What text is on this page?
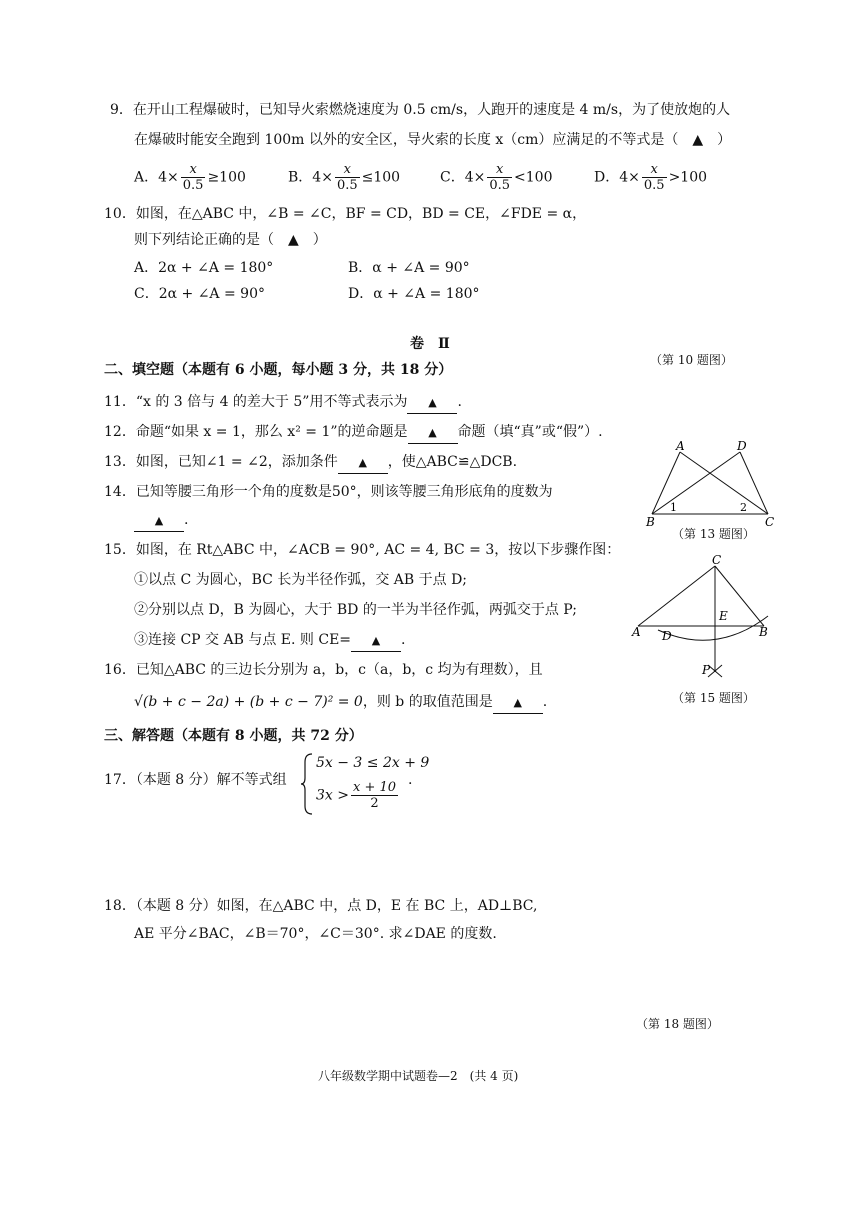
9．在开山工程爆破时，已知导火索燃烧速度为 0.5 cm/s，人跑开的速度是 4 m/s，为了使放炮的人
在爆破时能安全跑到 100m 以外的安全区，导火索的长度 x（cm）应满足的不等式是（　▲　）
A．$4\times \frac{x}{0.5} \ge 100$	B．$4\times \frac{x}{0.5} \le 100$	C．$4\times \frac{x}{0.5} <100$	D．$4\times \frac{x}{0.5} >100$
10．如图，在△ABC 中，∠B = ∠C，BF = CD，BD = CE，∠FDE = α，
则下列结论正确的是（　▲　）
A．2α + ∠A = 180°	B．α + ∠A = 90°
C．2α + ∠A = 90°	D．α + ∠A = 180°
卷　Ⅱ
（第 10 题图）
二、填空题（本题有 6 小题，每小题 3 分，共 18 分）
11．“x 的 3 倍与 4 的差大于 5”用不等式表示为 ▲ .
12．命题“如果 x = 1，那么 x² = 1”的逆命题是 ▲ 命题（填“真”或“假”）.
13．如图，已知∠1 = ∠2，添加条件 ▲ ，使△ABC≌△DCB.
14．已知等腰三角形一个角的度数是50°，则该等腰三角形底角的度数为
▲ .
A	D
B	C
1	2
（第 13 题图）
15．如图，在 Rt△ABC 中，∠ACB = 90°, AC = 4, BC = 3，按以下步骤作图：
①以点 C 为圆心，BC 长为半径作弧，交 AB 于点 D;
②分别以点 D，B 为圆心，大于 BD 的一半为半径作弧，两弧交于点 P;
③连接 CP 交 AB 与点 E. 则 CE= ▲ .
C
A D
E
B
P
（第 15 题图）
16．已知△ABC 的三边长分别为 a，b，c（a，b，c 均为有理数），且
√(b + c − 2a) + (b + c − 7)² = 0，则 b 的取值范围是 ▲ .
三、解答题（本题有 8 小题，共 72 分）
17．（本题 8 分）解不等式组
5x − 3 ≤ 2x + 9
$3x > \frac{x + 10}{2}$ .
18．（本题 8 分）如图，在△ABC 中，点 D，E 在 BC 上，AD⊥BC,
AE 平分∠BAC，∠B＝70°，∠C＝30°. 求∠DAE 的度数.
（第 18 题图）
八年级数学期中试题卷—2　(共 4 页)
